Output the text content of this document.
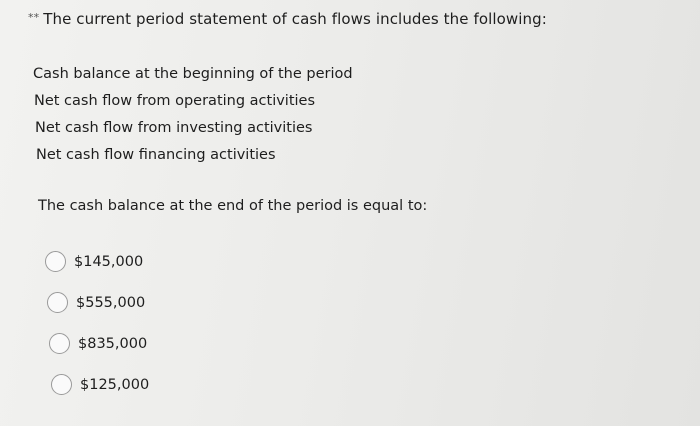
** The current period statement of cash flows includes the following:
Cash balance at the beginning of the period
Net cash flow from operating activities
Net cash flow from investing activities
Net cash flow financing activities
The cash balance at the end of the period is equal to:
$145,000
$555,000
$835,000
$125,000
